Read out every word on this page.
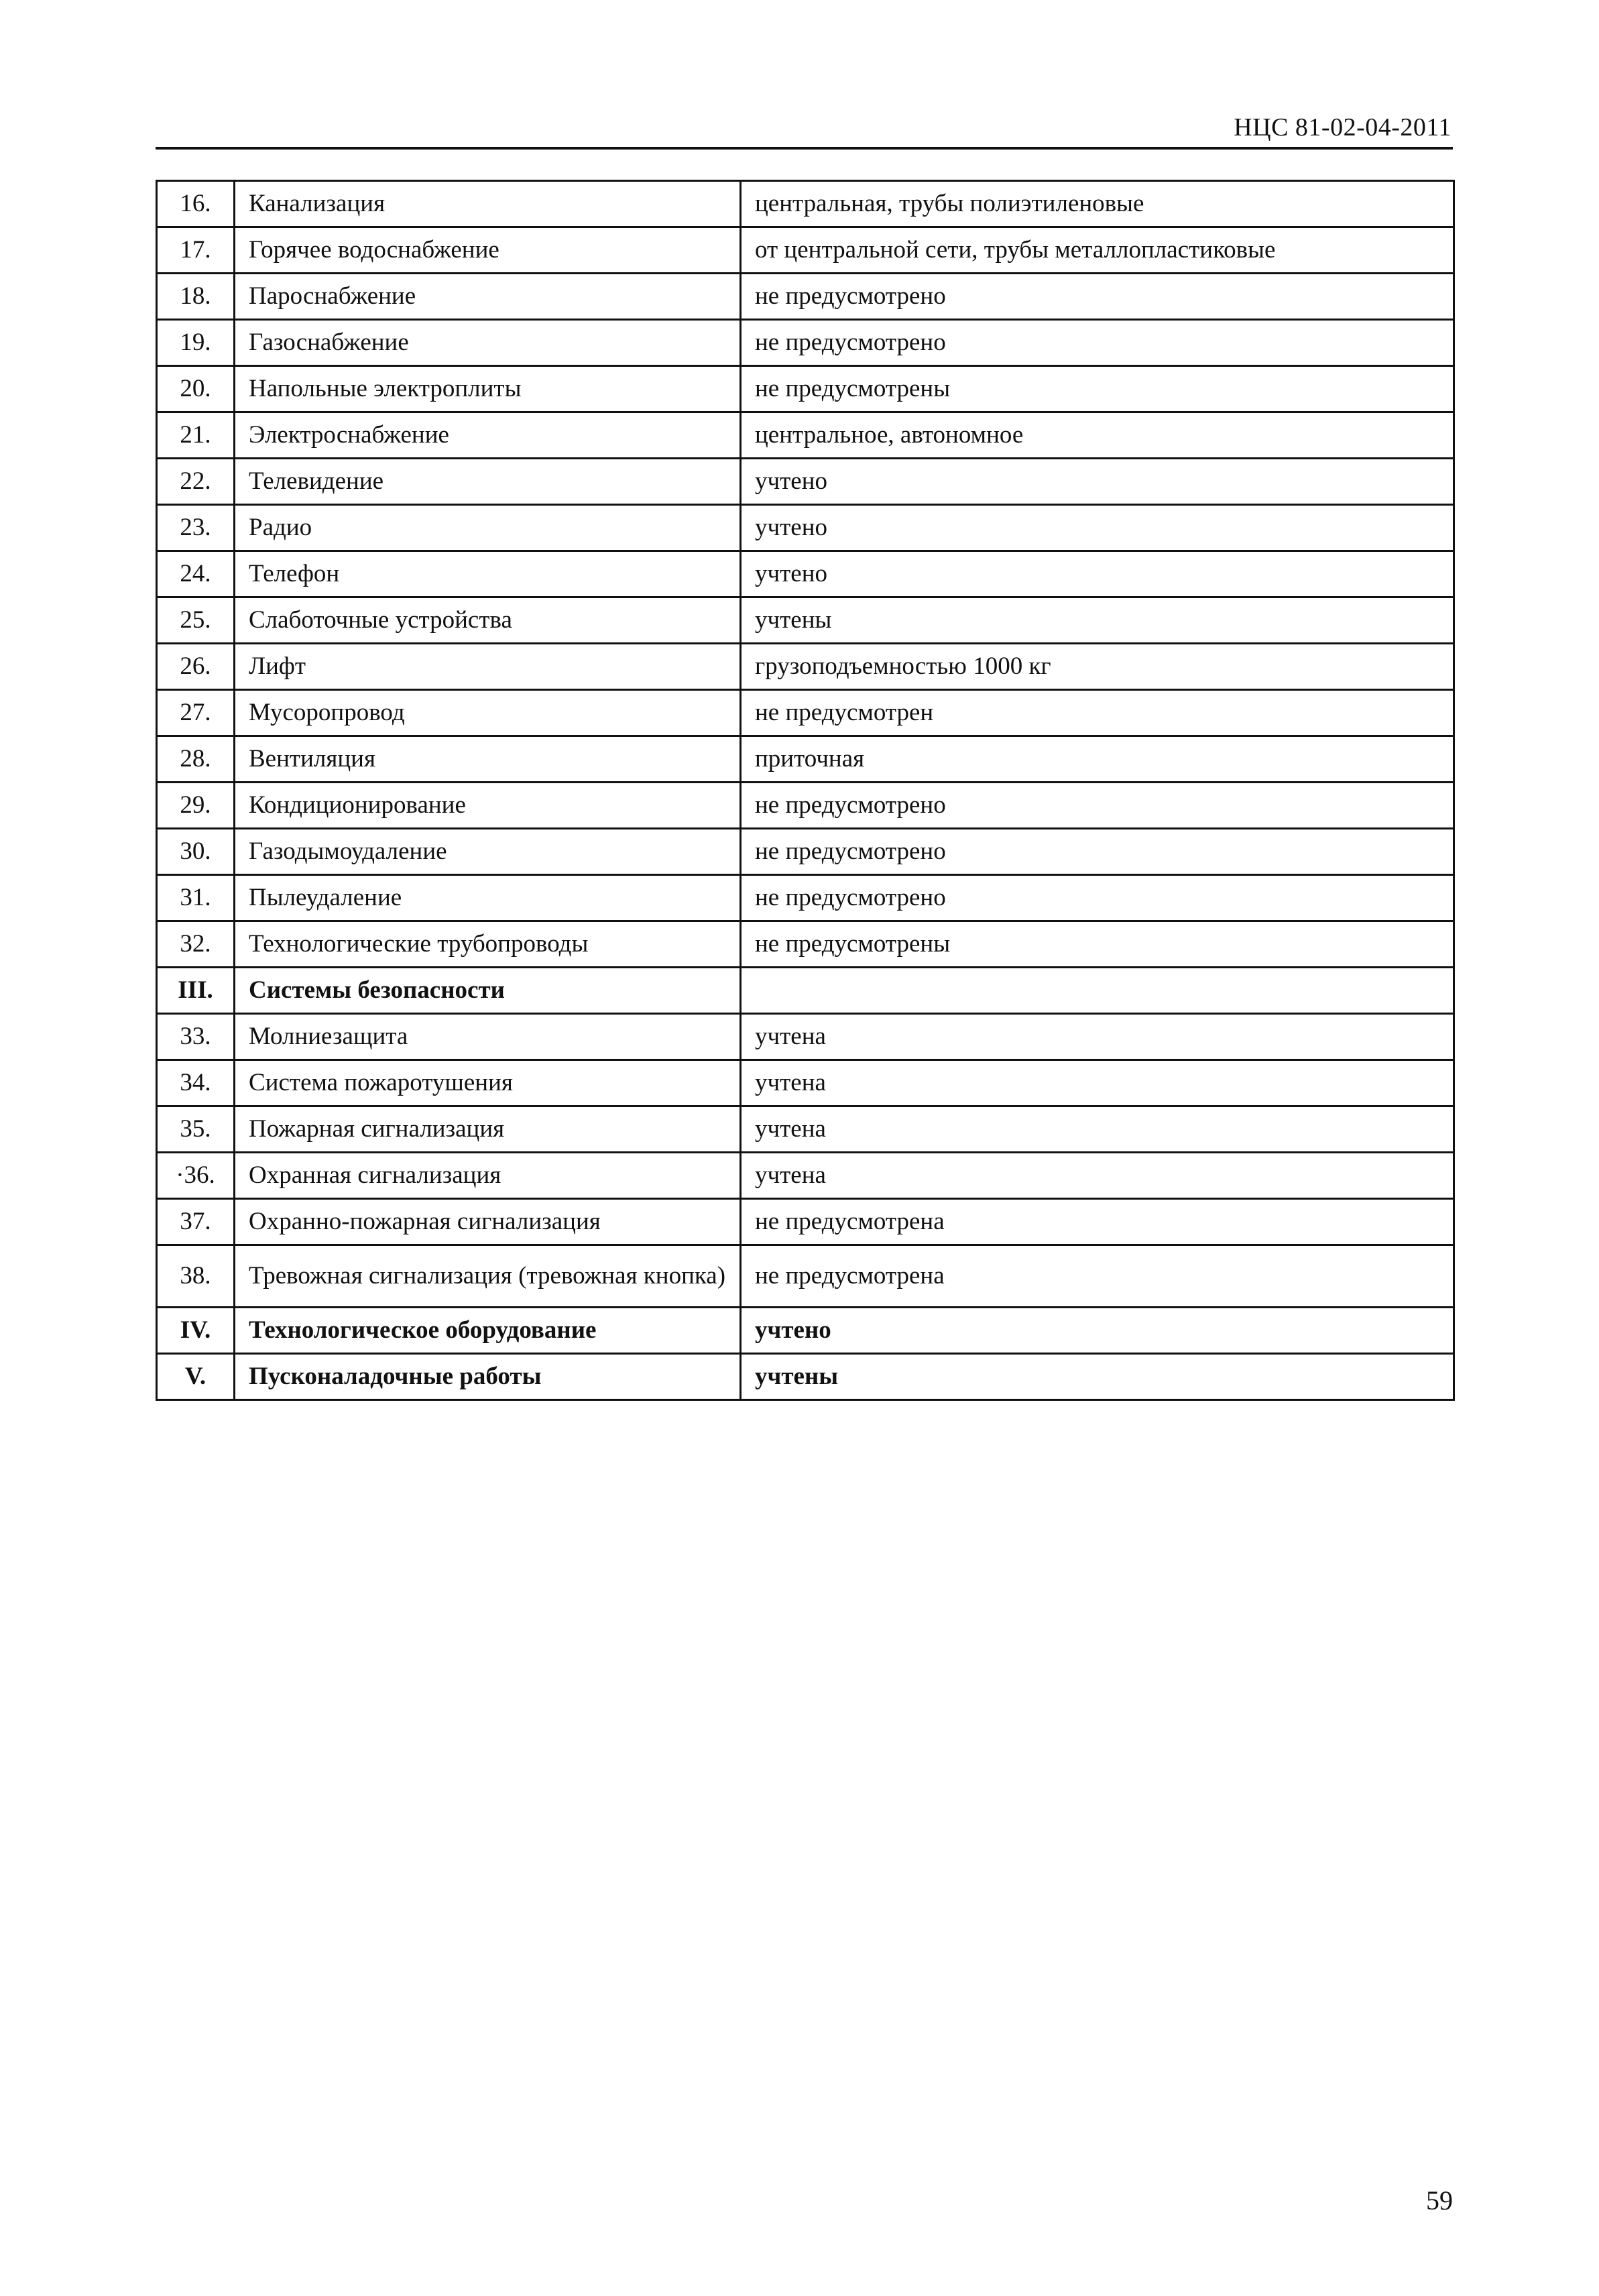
НЦС 81-02-04-2011
16.	Канализация	центральная, трубы полиэтиленовые
17.	Горячее водоснабжение	от центральной сети, трубы металлопластиковые
18.	Пароснабжение	не предусмотрено
19.	Газоснабжение	не предусмотрено
20.	Напольные электроплиты	не предусмотрены
21.	Электроснабжение	центральное, автономное
22.	Телевидение	учтено
23.	Радио	учтено
24.	Телефон	учтено
25.	Слаботочные устройства	учтены
26.	Лифт	грузоподъемностью 1000 кг
27.	Мусоропровод	не предусмотрен
28.	Вентиляция	приточная
29.	Кондиционирование	не предусмотрено
30.	Газодымоудаление	не предусмотрено
31.	Пылеудаление	не предусмотрено
32.	Технологические трубопроводы	не предусмотрены
III.	Системы безопасности	
33.	Молниезащита	учтена
34.	Система пожаротушения	учтена
35.	Пожарная сигнализация	учтена
·36.	Охранная сигнализация	учтена
37.	Охранно-пожарная сигнализация	не предусмотрена
38.	Тревожная сигнализация (тревожная кнопка)	не предусмотрена
IV.	Технологическое оборудование	учтено
V.	Пусконаладочные работы	учтены
59
